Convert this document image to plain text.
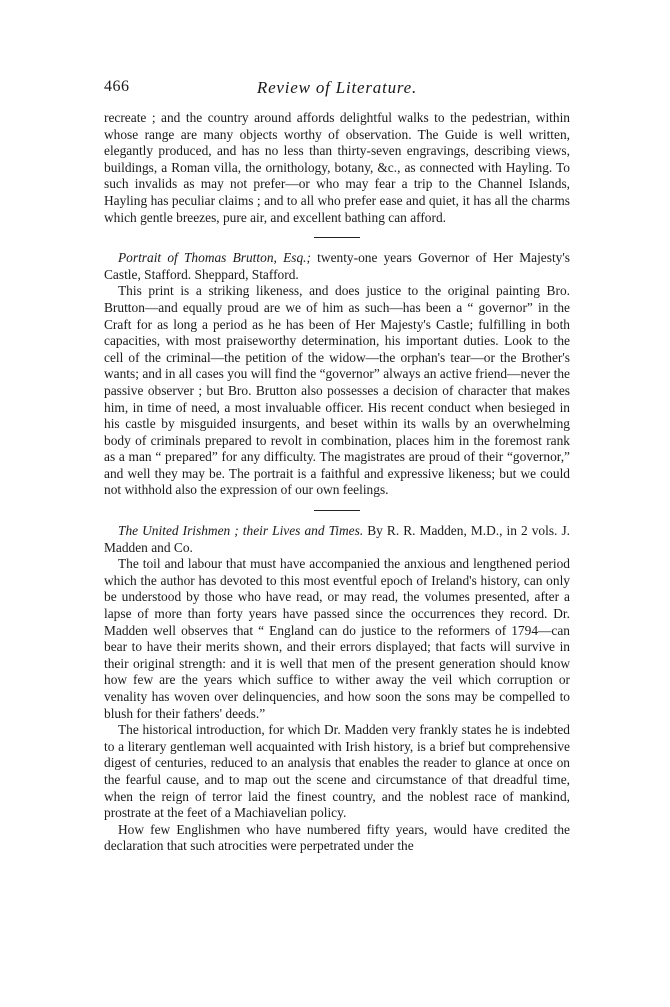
466	Review of Literature.

recreate ; and the country around affords delightful walks to the pedestrian, within whose range are many objects worthy of observation. The Guide is well written, elegantly produced, and has no less than thirty-seven engravings, describing views, buildings, a Roman villa, the ornithology, botany, &c., as connected with Hayling. To such invalids as may not prefer—or who may fear a trip to the Channel Islands, Hayling has peculiar claims ; and to all who prefer ease and quiet, it has all the charms which gentle breezes, pure air, and excellent bathing can afford.

Portrait of Thomas Brutton, Esq.; twenty-one years Governor of Her Majesty's Castle, Stafford. Sheppard, Stafford.

This print is a striking likeness, and does justice to the original painting Bro. Brutton—and equally proud are we of him as such—has been a “ governor” in the Craft for as long a period as he has been of Her Majesty's Castle; fulfilling in both capacities, with most praiseworthy determination, his important duties. Look to the cell of the criminal—the petition of the widow—the orphan's tear—or the Brother's wants; and in all cases you will find the “governor” always an active friend—never the passive observer ; but Bro. Brutton also possesses a decision of character that makes him, in time of need, a most invaluable officer. His recent conduct when besieged in his castle by misguided insurgents, and beset within its walls by an overwhelming body of criminals prepared to revolt in combination, places him in the foremost rank as a man “ prepared” for any difficulty. The magistrates are proud of their “governor,” and well they may be. The portrait is a faithful and expressive likeness; but we could not withhold also the expression of our own feelings.

The United Irishmen ; their Lives and Times. By R. R. Madden, M.D., in 2 vols. J. Madden and Co.

The toil and labour that must have accompanied the anxious and lengthened period which the author has devoted to this most eventful epoch of Ireland's history, can only be understood by those who have read, or may read, the volumes presented, after a lapse of more than forty years have passed since the occurrences they record. Dr. Madden well observes that “ England can do justice to the reformers of 1794—can bear to have their merits shown, and their errors displayed; that facts will survive in their original strength: and it is well that men of the present generation should know how few are the years which suffice to wither away the veil which corruption or venality has woven over delinquencies, and how soon the sons may be compelled to blush for their fathers' deeds.”

The historical introduction, for which Dr. Madden very frankly states he is indebted to a literary gentleman well acquainted with Irish history, is a brief but comprehensive digest of centuries, reduced to an analysis that enables the reader to glance at once on the fearful cause, and to map out the scene and circumstance of that dreadful time, when the reign of terror laid the finest country, and the noblest race of mankind, prostrate at the feet of a Machiavelian policy.

How few Englishmen who have numbered fifty years, would have credited the declaration that such atrocities were perpetrated under the
